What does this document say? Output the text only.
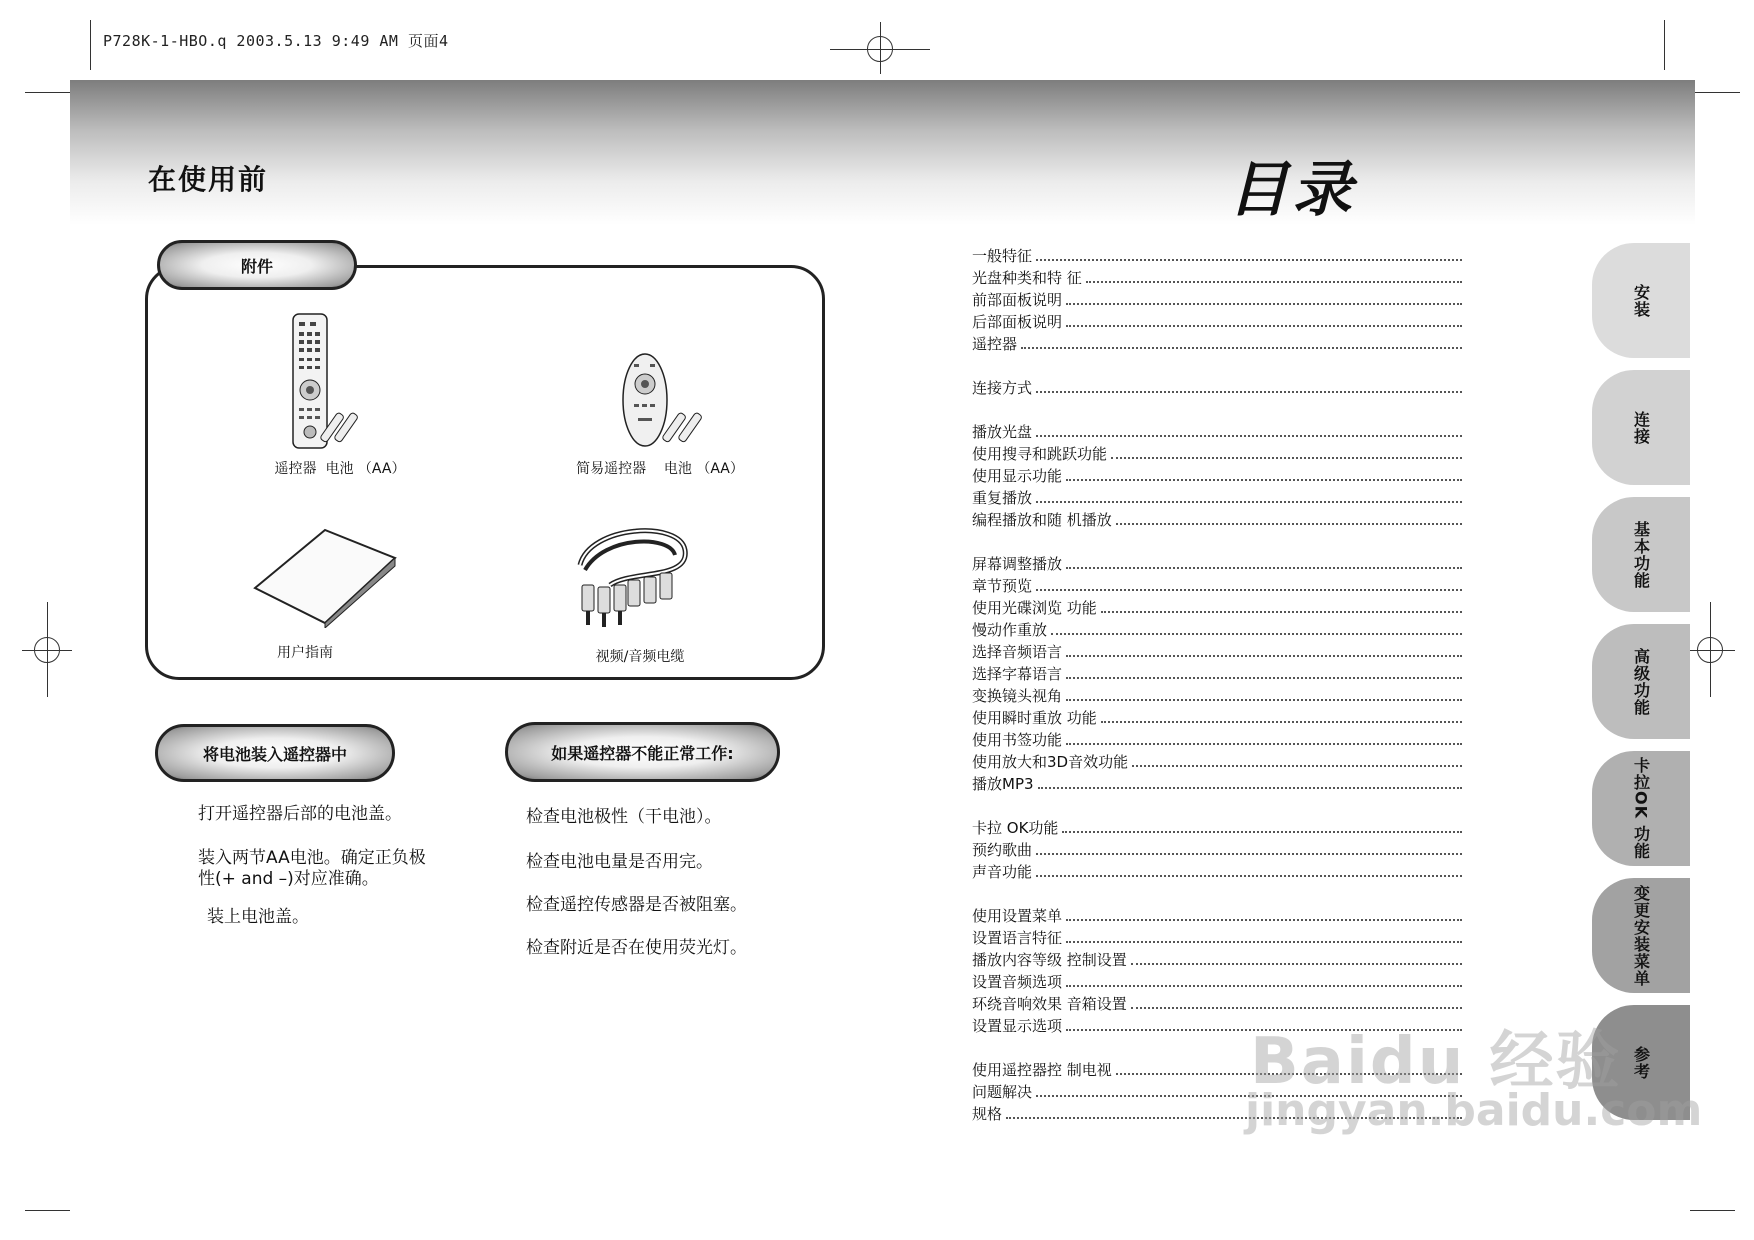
P728K-1-HBO.q 2003.5.13 9:49 AM 页面4
在使用前
附件
遥控器  电池 （AA）	简易遥控器    电池 （AA）
用户指南	视频/音频电缆
将电池装入遥控器中
打开遥控器后部的电池盖。
装入两节AA电池。确定正负极
性(+ and –)对应准确。
装上电池盖。
如果遥控器不能正常工作:
检查电池极性（干电池）。
检查电池电量是否用完。
检查遥控传感器是否被阻塞。
检查附近是否在使用荧光灯。
目录
一般特征
光盘种类和特 征
前部面板说明
后部面板说明
遥控器
连接方式
播放光盘
使用搜寻和跳跃功能
使用显示功能
重复播放
编程播放和随 机播放
屏幕调整播放
章节预览
使用光碟浏览 功能
慢动作重放
选择音频语言
选择字幕语言
变换镜头视角
使用瞬时重放 功能
使用书签功能
使用放大和3D音效功能
播放MP3
卡拉 OK功能
预约歌曲
声音功能
使用设置菜单
设置语言特征
播放内容等级 控制设置
设置音频选项
环绕音响效果 音箱设置
设置显示选项
使用遥控器控 制电视
问题解决
规格
安装
连接
基本功能
高级功能
卡拉OK 功能
变更安装菜单
参考
Baidu 经验
jingyan.baidu.com
